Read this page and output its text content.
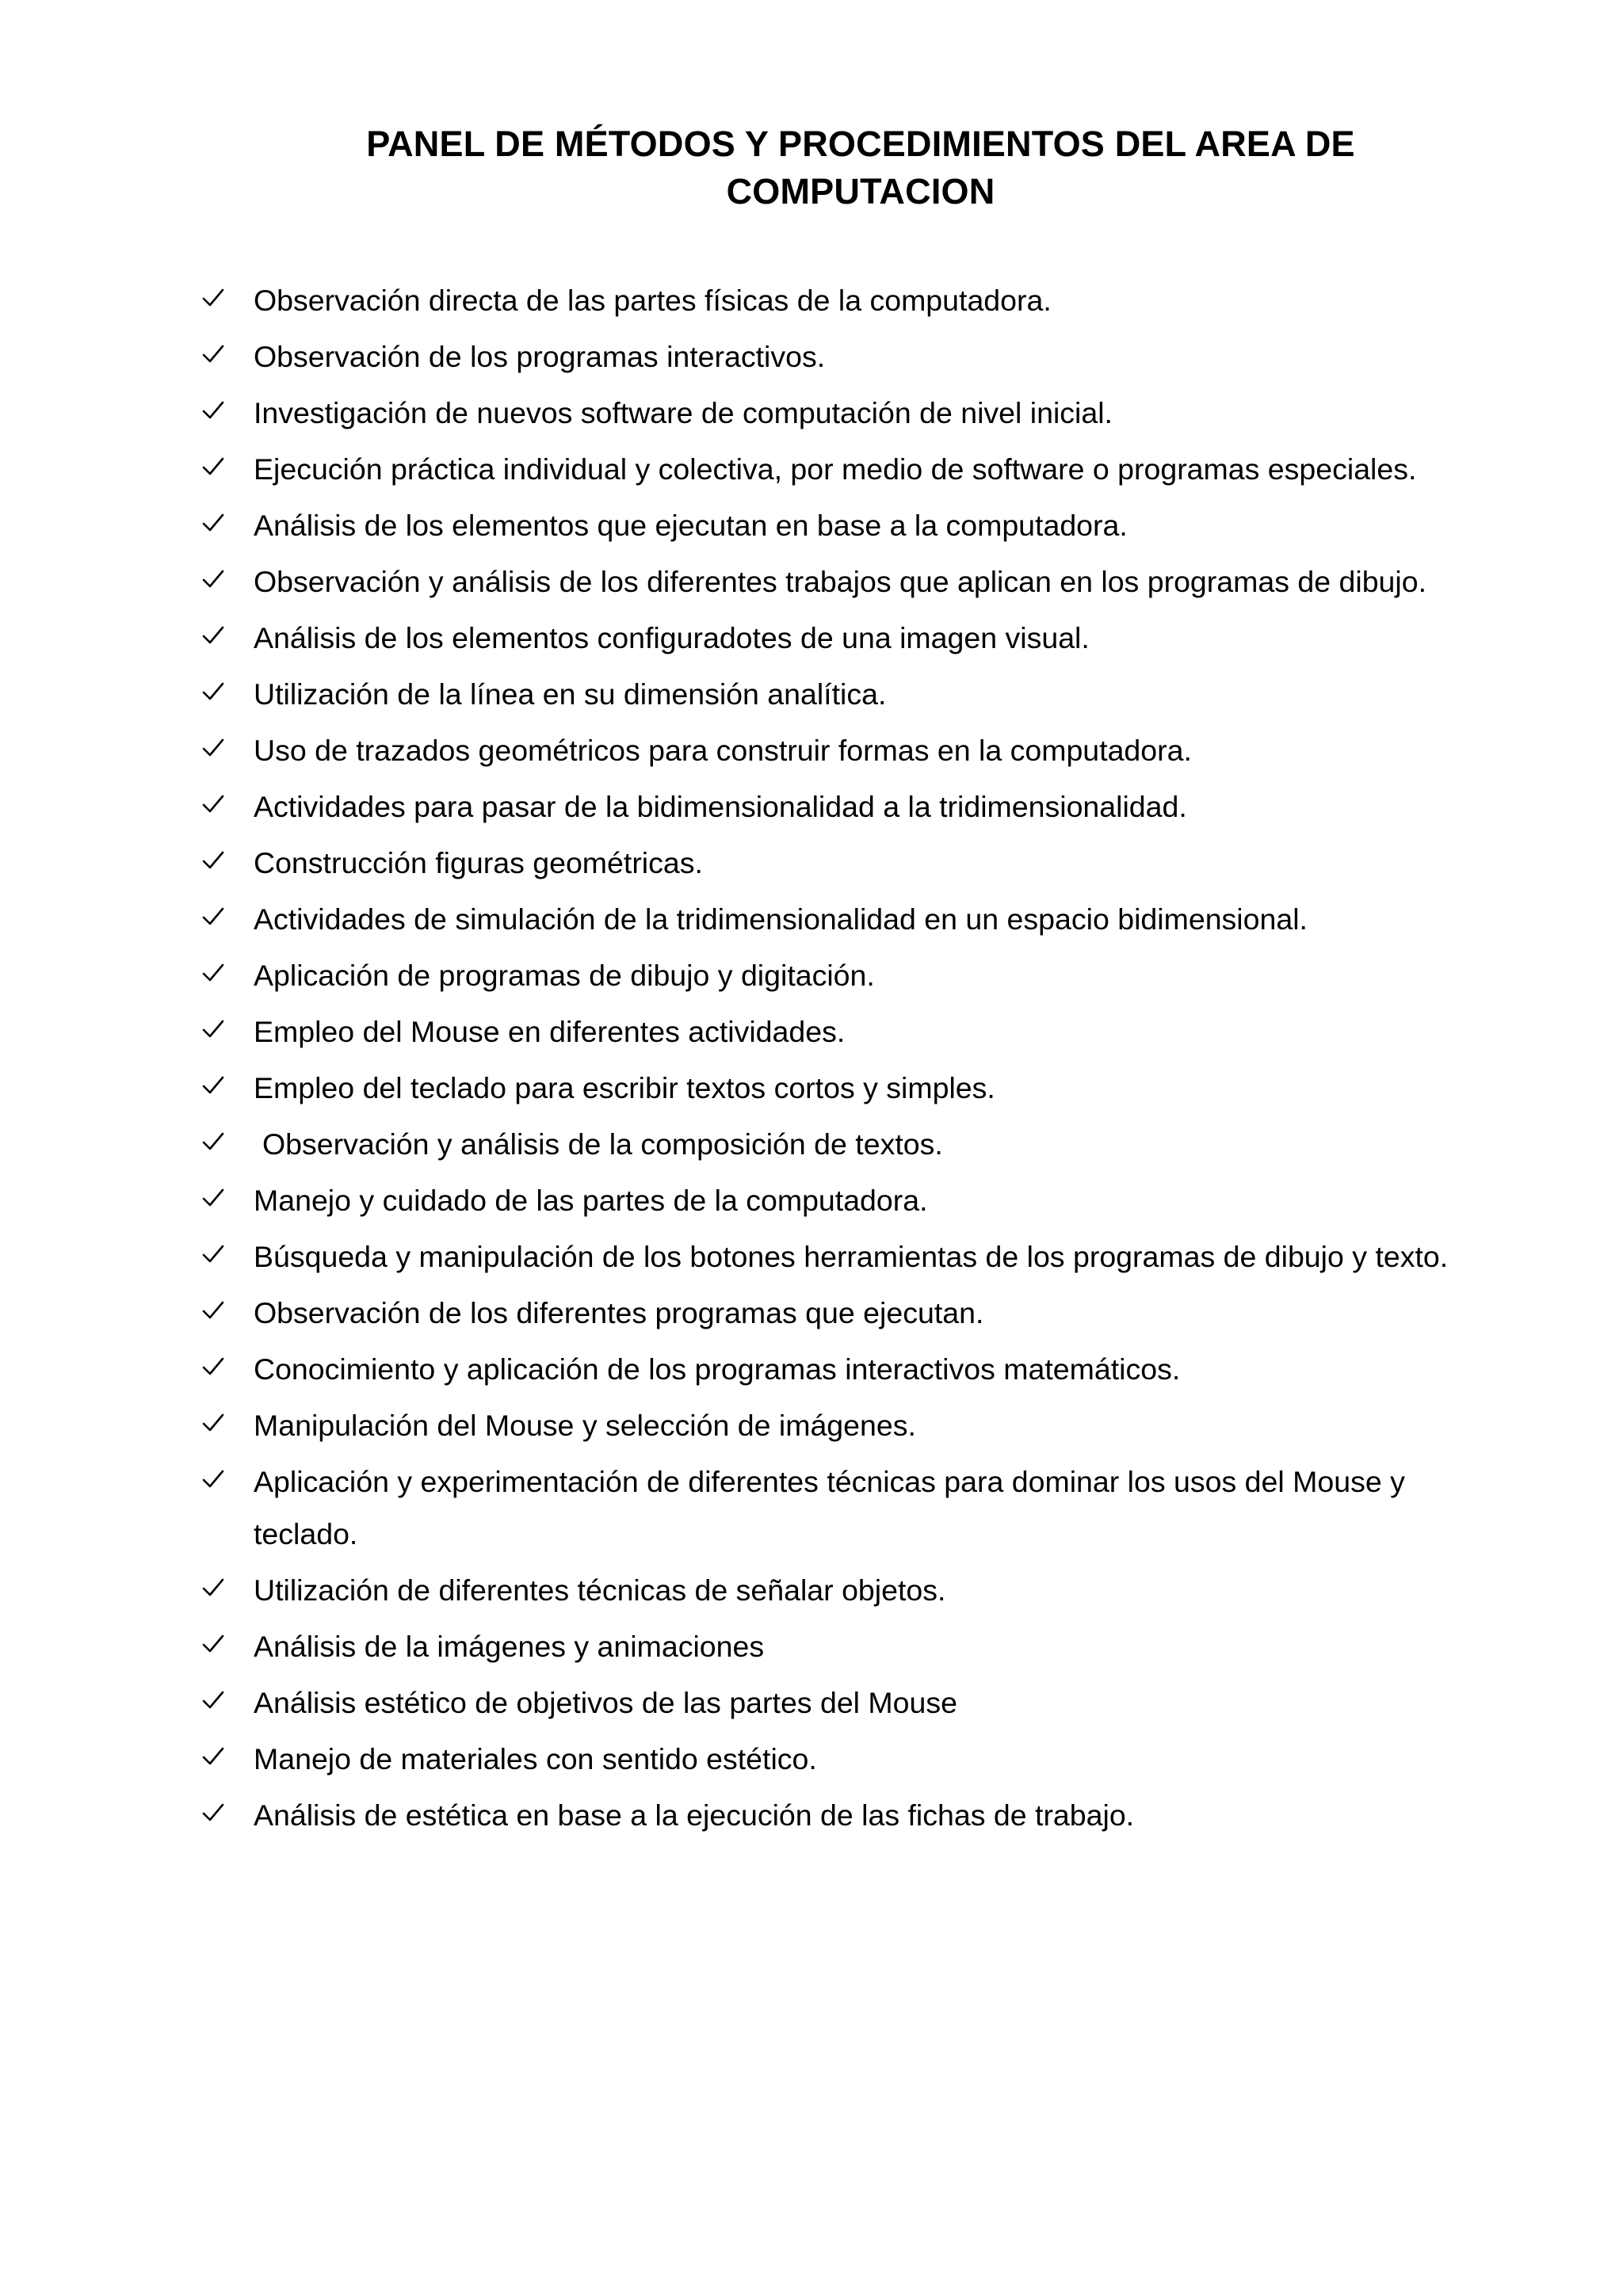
PANEL DE MÉTODOS Y PROCEDIMIENTOS DEL AREA DE
COMPUTACION
Observación directa de las partes físicas de la computadora.
Observación de los programas interactivos.
Investigación de nuevos software de computación de nivel inicial.
Ejecución práctica individual y colectiva, por medio de software o programas especiales.
Análisis de los elementos que ejecutan en base a la computadora.
Observación y análisis de los diferentes trabajos que aplican en los programas de dibujo.
Análisis de los elementos configuradotes de una imagen visual.
Utilización de la línea en su dimensión analítica.
Uso de trazados geométricos para construir formas en la computadora.
Actividades para pasar de la bidimensionalidad a la tridimensionalidad.
Construcción figuras geométricas.
Actividades de simulación de la tridimensionalidad en un espacio bidimensional.
Aplicación de programas de dibujo y digitación.
Empleo del Mouse en diferentes actividades.
Empleo del teclado para escribir textos cortos y simples.
Observación y análisis de la composición de textos.
Manejo y cuidado de las partes de la computadora.
Búsqueda y manipulación de los botones herramientas de los programas de dibujo y texto.
Observación de los diferentes programas que ejecutan.
Conocimiento y aplicación de los programas interactivos matemáticos.
Manipulación del Mouse y selección de imágenes.
Aplicación y experimentación de diferentes técnicas para dominar los usos del Mouse y teclado.
Utilización de diferentes técnicas de señalar objetos.
Análisis de la imágenes y animaciones
Análisis estético de objetivos de las partes del Mouse
Manejo de materiales con sentido estético.
Análisis de estética en base a la ejecución de las fichas de trabajo.
